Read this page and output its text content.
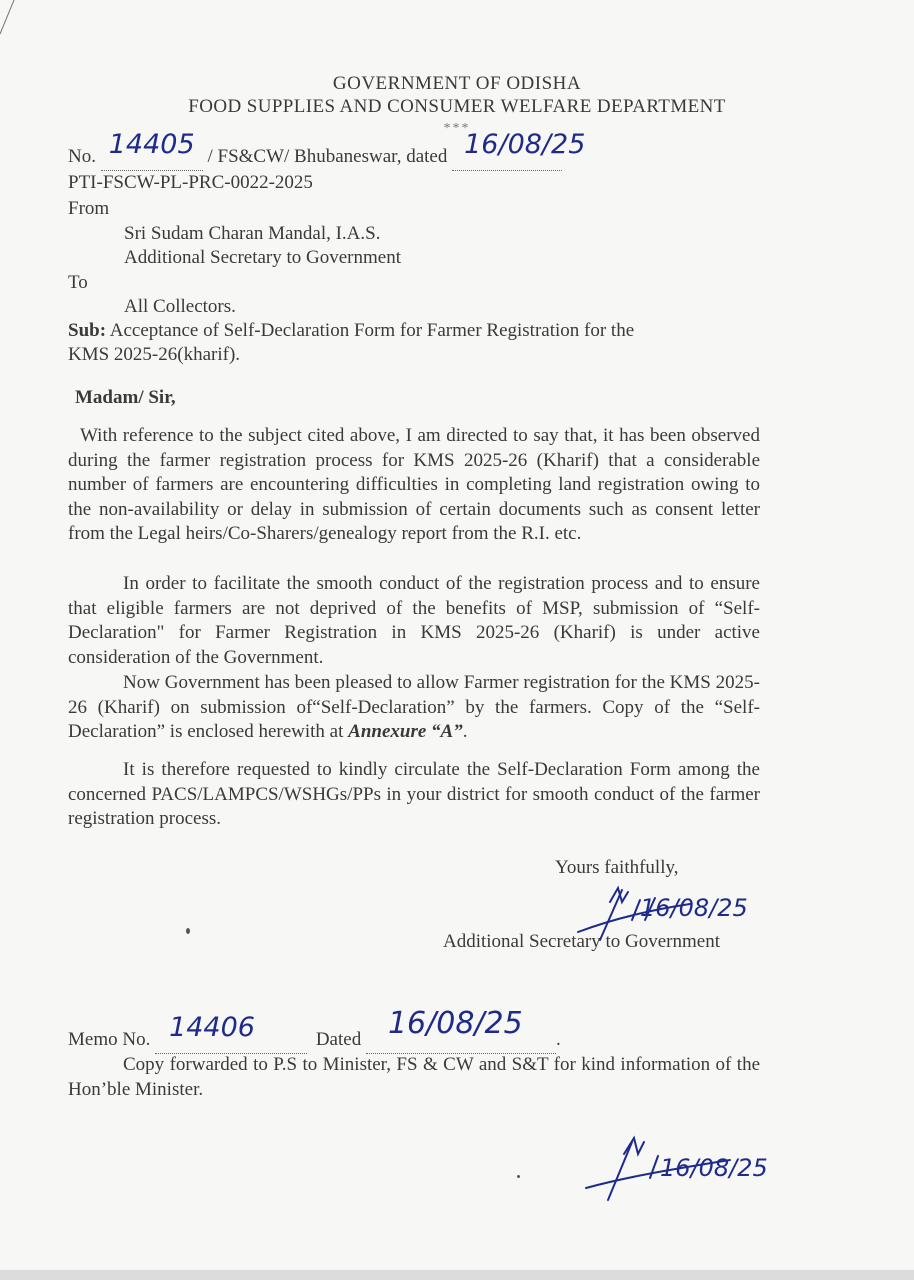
GOVERNMENT OF ODISHA
FOOD SUPPLIES AND CONSUMER WELFARE DEPARTMENT
***
No. 14405 / FS&CW/ Bhubaneswar, dated 16/08/25

PTI-FSCW-PL-PRC-0022-2025
From
Sri Sudam Charan Mandal, I.A.S.
Additional Secretary to Government
To
All Collectors.
Sub: Acceptance of Self-Declaration Form for Farmer Registration for the
KMS 2025-26(kharif).
Madam/ Sir,

With reference to the subject cited above, I am directed to say that, it has been observed during the farmer registration process for KMS 2025-26 (Kharif) that a considerable number of farmers are encountering difficulties in completing land registration owing to the non-availability or delay in submission of certain documents such as consent letter from the Legal heirs/Co-Sharers/genealogy report from the R.I. etc.

In order to facilitate the smooth conduct of the registration process and to ensure that eligible farmers are not deprived of the benefits of MSP, submission of “Self-Declaration" for Farmer Registration in KMS 2025-26 (Kharif) is under active consideration of the Government.

Now Government has been pleased to allow Farmer registration for the KMS 2025-26 (Kharif) on submission of“Self-Declaration” by the farmers. Copy of the “Self-Declaration” is enclosed herewith at Annexure “A”.

It is therefore requested to kindly circulate the Self-Declaration Form among the concerned PACS/LAMPCS/WSHGs/PPs in your district for smooth conduct of the farmer registration process.

Yours faithfully,
16/08/25
Additional Secretary to Government
Memo No. 14406	Dated 16/08/25 .

Copy forwarded to P.S to Minister, FS & CW and S&T for kind information of the Hon’ble Minister.

16/08/25
